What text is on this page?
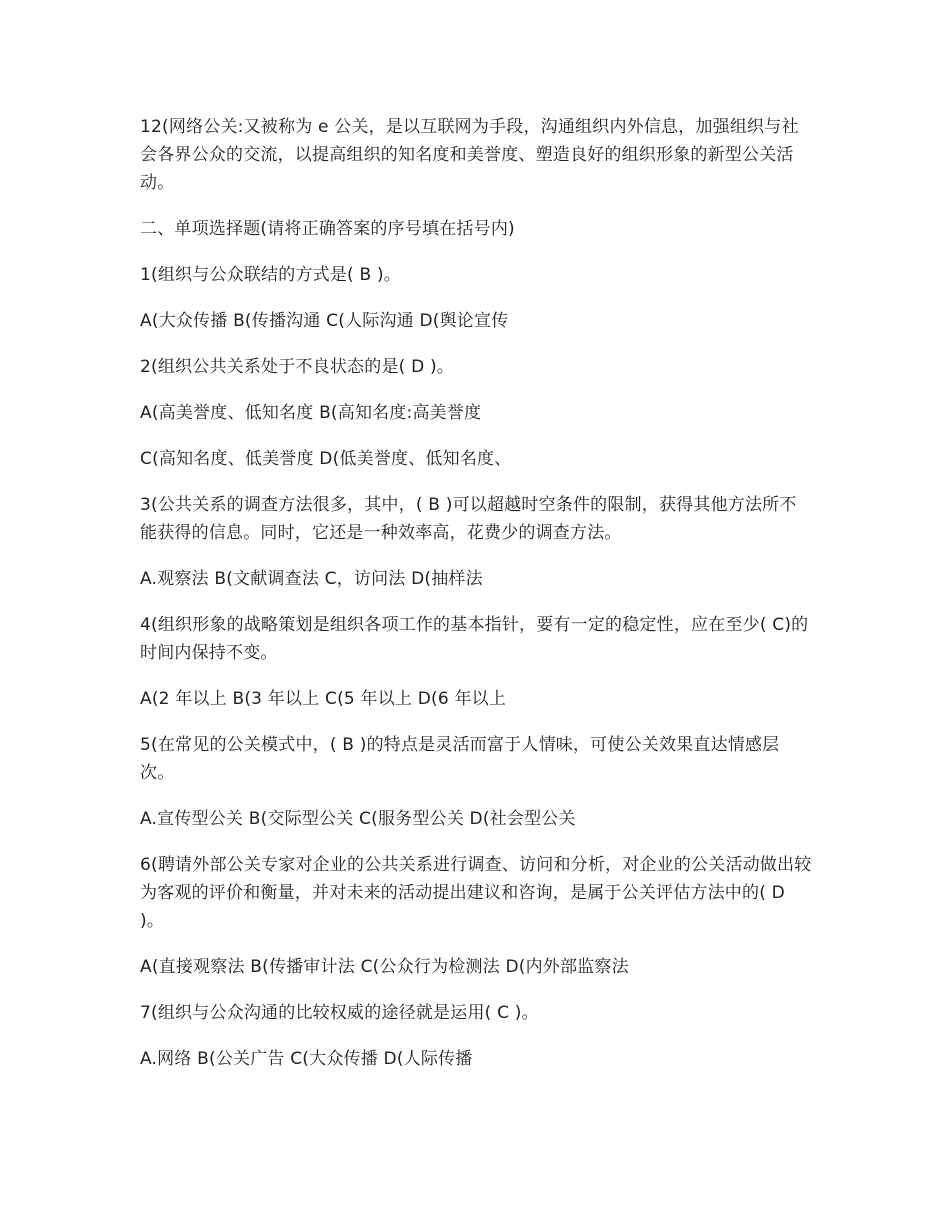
12(网络公关:又被称为 e 公关，是以互联网为手段，沟通组织内外信息，加强组织与社会各界公众的交流，以提高组织的知名度和美誉度、塑造良好的组织形象的新型公关活动。

二、单项选择题(请将正确答案的序号填在括号内)

1(组织与公众联结的方式是( B )。

A(大众传播 B(传播沟通 C(人际沟通 D(舆论宣传

2(组织公共关系处于不良状态的是( D )。

A(高美誉度、低知名度 B(高知名度:高美誉度

C(高知名度、低美誉度 D(低美誉度、低知名度、

3(公共关系的调查方法很多，其中，( B )可以超越时空条件的限制，获得其他方法所不能获得的信息。同时，它还是一种效率高，花费少的调查方法。

A.观察法 B(文献调查法 C，访问法 D(抽样法

4(组织形象的战略策划是组织各项工作的基本指针，要有一定的稳定性，应在至少( C)的时间内保持不变。

A(2 年以上 B(3 年以上 C(5 年以上 D(6 年以上

5(在常见的公关模式中，( B )的特点是灵活而富于人情味，可使公关效果直达情感层次。

A.宣传型公关 B(交际型公关 C(服务型公关 D(社会型公关

6(聘请外部公关专家对企业的公共关系进行调查、访问和分析，对企业的公关活动做出较为客观的评价和衡量，并对未来的活动提出建议和咨询，是属于公关评估方法中的( D )。

A(直接观察法 B(传播审计法 C(公众行为检测法 D(内外部监察法

7(组织与公众沟通的比较权威的途径就是运用( C )。

A.网络 B(公关广告 C(大众传播 D(人际传播
